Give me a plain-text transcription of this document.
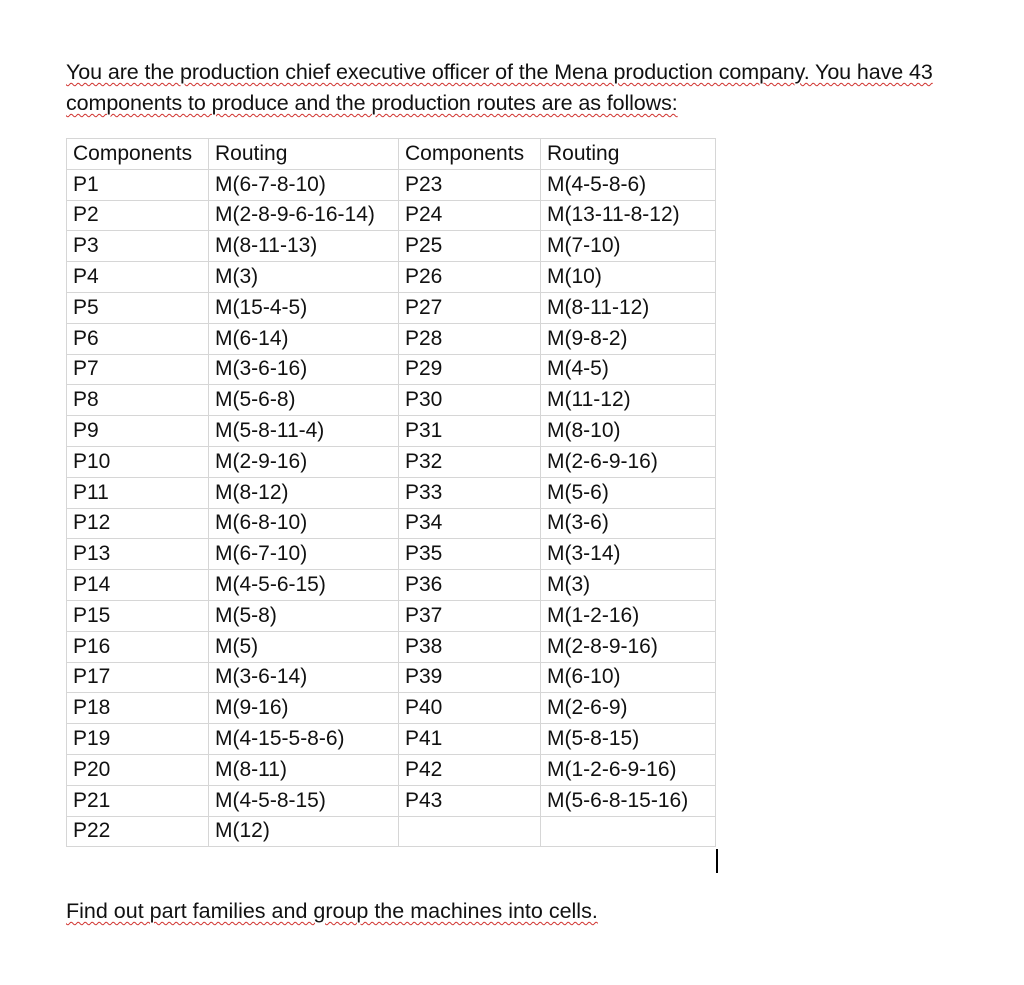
You are the production chief executive officer of the Mena production company. You have 43
components to produce and the production routes are as follows:
Components	Routing	Components	Routing
P1	M(6-7-8-10)	P23	M(4-5-8-6)
P2	M(2-8-9-6-16-14)	P24	M(13-11-8-12)
P3	M(8-11-13)	P25	M(7-10)
P4	M(3)	P26	M(10)
P5	M(15-4-5)	P27	M(8-11-12)
P6	M(6-14)	P28	M(9-8-2)
P7	M(3-6-16)	P29	M(4-5)
P8	M(5-6-8)	P30	M(11-12)
P9	M(5-8-11-4)	P31	M(8-10)
P10	M(2-9-16)	P32	M(2-6-9-16)
P11	M(8-12)	P33	M(5-6)
P12	M(6-8-10)	P34	M(3-6)
P13	M(6-7-10)	P35	M(3-14)
P14	M(4-5-6-15)	P36	M(3)
P15	M(5-8)	P37	M(1-2-16)
P16	M(5)	P38	M(2-8-9-16)
P17	M(3-6-14)	P39	M(6-10)
P18	M(9-16)	P40	M(2-6-9)
P19	M(4-15-5-8-6)	P41	M(5-8-15)
P20	M(8-11)	P42	M(1-2-6-9-16)
P21	M(4-5-8-15)	P43	M(5-6-8-15-16)
P22	M(12)		
Find out part families and group the machines into cells.
